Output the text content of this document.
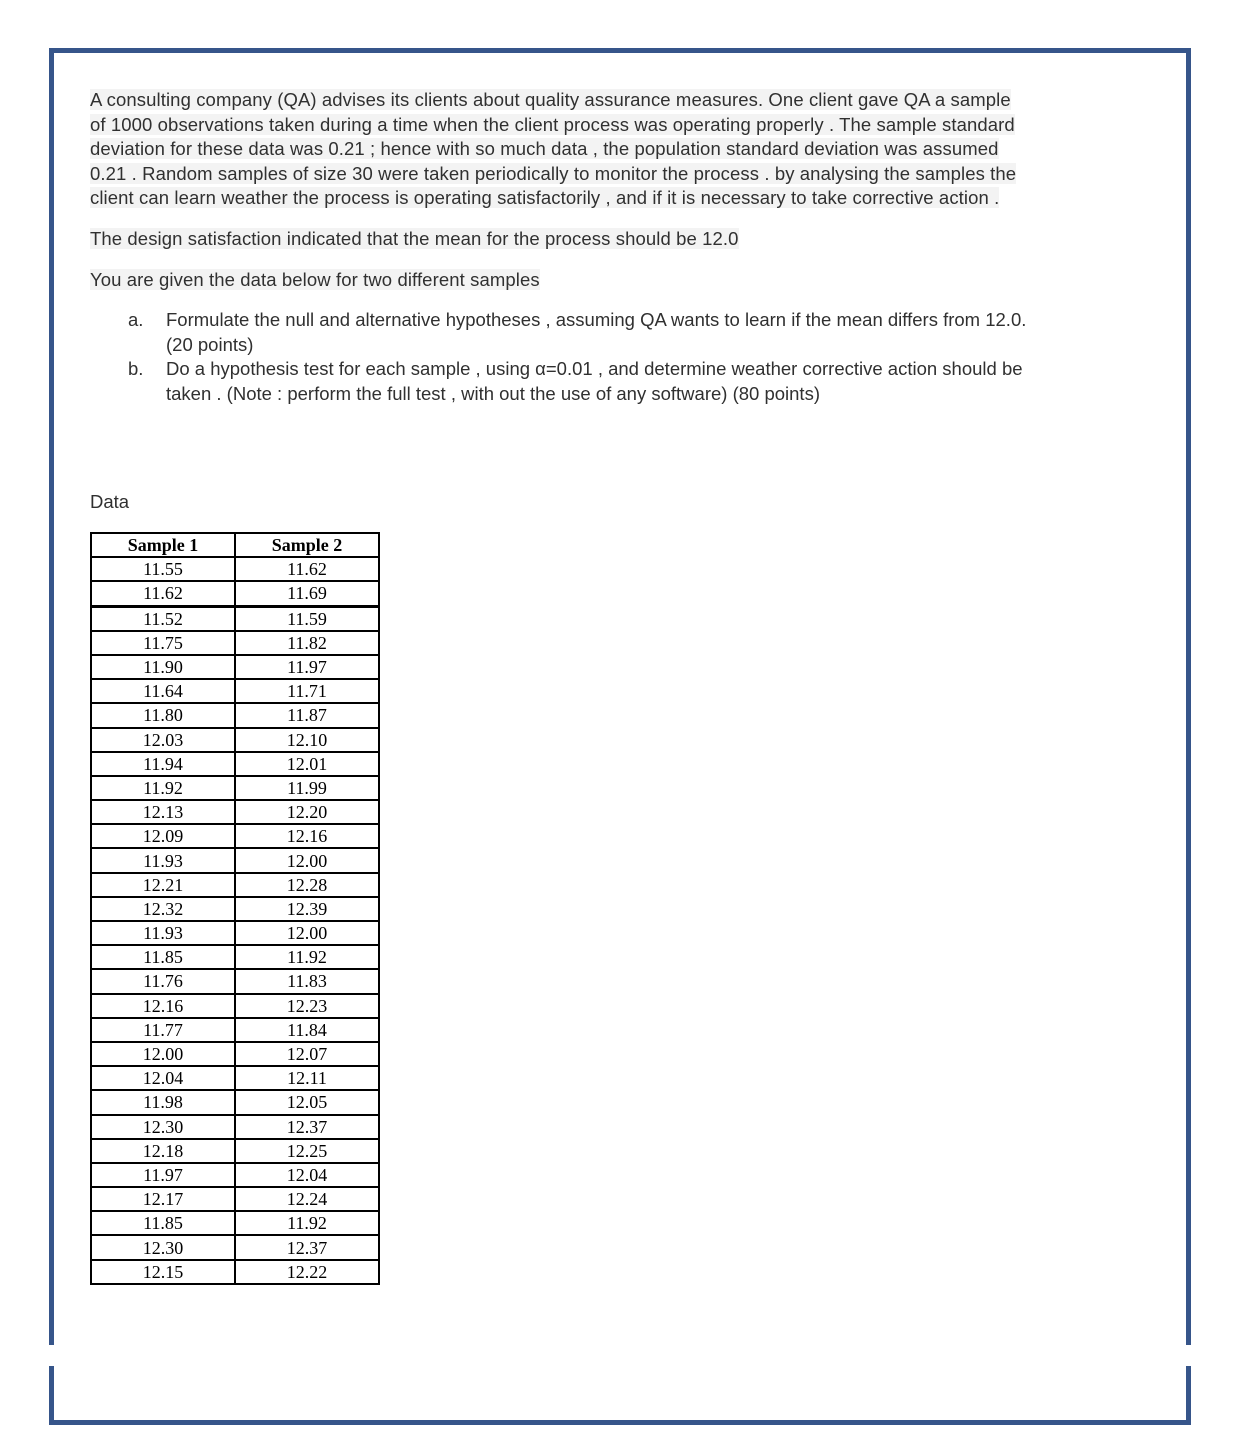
A consulting company (QA) advises its clients about quality assurance measures. One client gave QA a sample of 1000 observations taken during a time when the client process was operating properly . The sample standard deviation for these data was 0.21 ; hence with so much data , the population standard deviation was assumed 0.21 . Random samples of size 30 were taken periodically to monitor the process . by analysing the samples the client can learn weather the process is operating satisfactorily , and if it is necessary to take corrective action .

The design satisfaction indicated that the mean for the process should be 12.0

You are given the data below for two different samples

a. Formulate the null and alternative hypotheses , assuming QA wants to learn if the mean differs from 12.0. (20 points)
b. Do a hypothesis test for each sample , using α=0.01 , and determine weather corrective action should be taken . (Note : perform the full test , with out the use of any software) (80 points)
Data
Sample 1	Sample 2
11.55	11.62
11.62	11.69
11.52	11.59
11.75	11.82
11.90	11.97
11.64	11.71
11.80	11.87
12.03	12.10
11.94	12.01
11.92	11.99
12.13	12.20
12.09	12.16
11.93	12.00
12.21	12.28
12.32	12.39
11.93	12.00
11.85	11.92
11.76	11.83
12.16	12.23
11.77	11.84
12.00	12.07
12.04	12.11
11.98	12.05
12.30	12.37
12.18	12.25
11.97	12.04
12.17	12.24
11.85	11.92
12.30	12.37
12.15	12.22
